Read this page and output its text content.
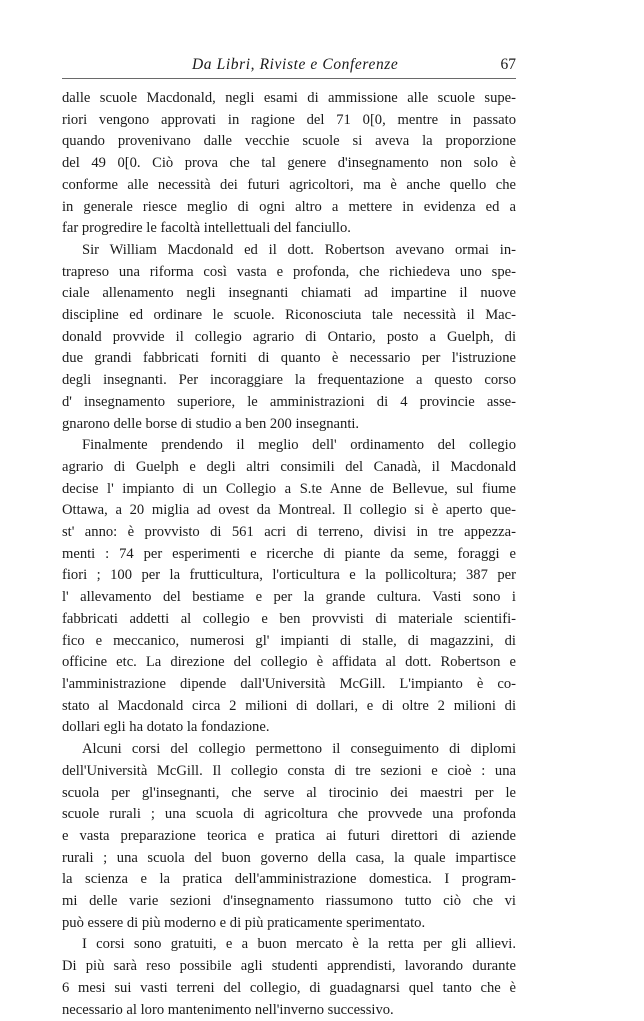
Da Libri, Riviste e Conferenze	67

dalle scuole Macdonald, negli esami di ammissione alle scuole supe-
riori vengono approvati in ragione del 71 0[0, mentre in passato
quando provenivano dalle vecchie scuole si aveva la proporzione
del 49 0[0. Ciò prova che tal genere d'insegnamento non solo è
conforme alle necessità dei futuri agricoltori, ma è anche quello che
in generale riesce meglio di ogni altro a mettere in evidenza ed a
far progredire le facoltà intellettuali del fanciullo.

Sir William Macdonald ed il dott. Robertson avevano ormai in-
trapreso una riforma così vasta e profonda, che richiedeva uno spe-
ciale allenamento negli insegnanti chiamati ad impartine il nuove
discipline ed ordinare le scuole. Riconosciuta tale necessità il Mac-
donald provvide il collegio agrario di Ontario, posto a Guelph, di
due grandi fabbricati forniti di quanto è necessario per l'istruzione
degli insegnanti. Per incoraggiare la frequentazione a questo corso
d' insegnamento superiore, le amministrazioni di 4 provincie asse-
gnarono delle borse di studio a ben 200 insegnanti.

Finalmente prendendo il meglio dell' ordinamento del collegio
agrario di Guelph e degli altri consimili del Canadà, il Macdonald
decise l' impianto di un Collegio a S.te Anne de Bellevue, sul fiume
Ottawa, a 20 miglia ad ovest da Montreal. Il collegio si è aperto que-
st' anno: è provvisto di 561 acri di terreno, divisi in tre appezza-
menti : 74 per esperimenti e ricerche di piante da seme, foraggi e
fiori ; 100 per la frutticultura, l'orticultura e la pollicoltura; 387 per
l' allevamento del bestiame e per la grande cultura. Vasti sono i
fabbricati addetti al collegio e ben provvisti di materiale scientifi-
fico e meccanico, numerosi gl' impianti di stalle, di magazzini, di
officine etc. La direzione del collegio è affidata al dott. Robertson e
l'amministrazione dipende dall'Università McGill. L'impianto è co-
stato al Macdonald circa 2 milioni di dollari, e di oltre 2 milioni di
dollari egli ha dotato la fondazione.

Alcuni corsi del collegio permettono il conseguimento di diplomi
dell'Università McGill. Il collegio consta di tre sezioni e cioè : una
scuola per gl'insegnanti, che serve al tirocinio dei maestri per le
scuole rurali ; una scuola di agricoltura che provvede una profonda
e vasta preparazione teorica e pratica ai futuri direttori di aziende
rurali ; una scuola del buon governo della casa, la quale impartisce
la scienza e la pratica dell'amministrazione domestica. I program-
mi delle varie sezioni d'insegnamento riassumono tutto ciò che vi
può essere di più moderno e di più praticamente sperimentato.

I corsi sono gratuiti, e a buon mercato è la retta per gli allievi.
Di più sarà reso possibile agli studenti apprendisti, lavorando durante
6 mesi sui vasti terreni del collegio, di guadagnarsi quel tanto che è
necessario al loro mantenimento nell'inverno successivo.
